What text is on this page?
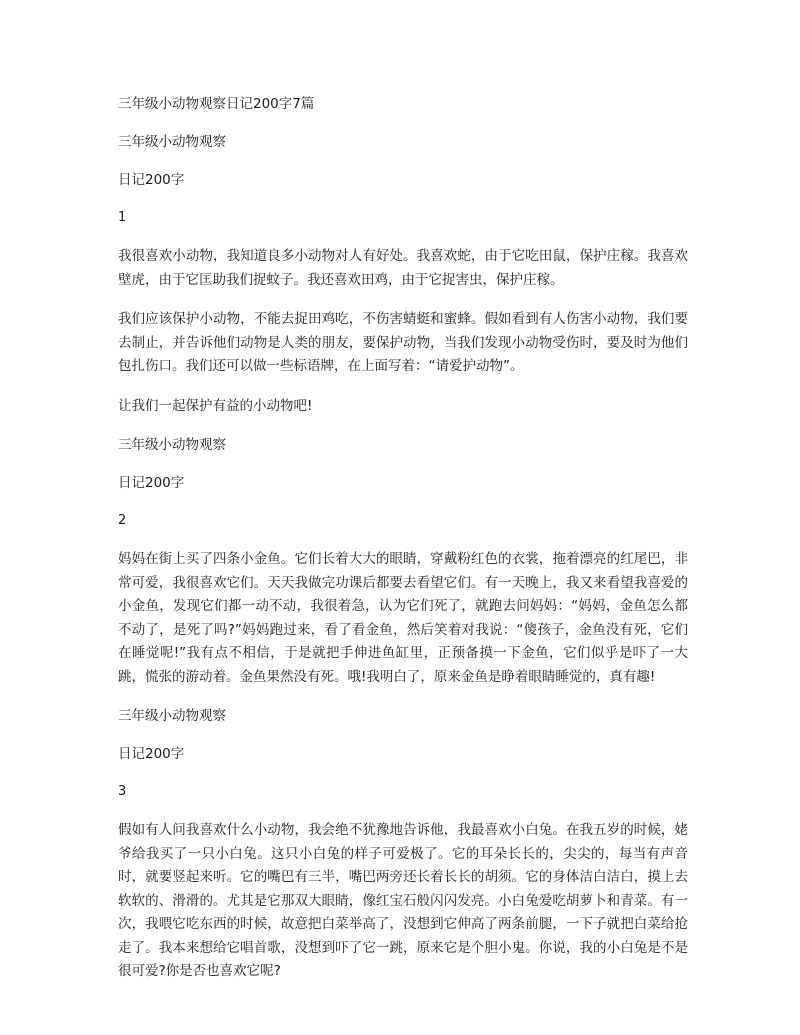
三年级小动物观察日记200字7篇
三年级小动物观察
日记200字
1

我很喜欢小动物，我知道良多小动物对人有好处。我喜欢蛇，由于它吃田鼠，保护庄稼。我喜欢壁虎，由于它匡助我们捉蚊子。我还喜欢田鸡，由于它捉害虫，保护庄稼。

我们应该保护小动物，不能去捉田鸡吃，不伤害蜻蜓和蜜蜂。假如看到有人伤害小动物，我们要去制止，并告诉他们动物是人类的朋友，要保护动物，当我们发现小动物受伤时，要及时为他们包扎伤口。我们还可以做一些标语牌，在上面写着：“请爱护动物”。

让我们一起保护有益的小动物吧!

三年级小动物观察
日记200字
2

妈妈在街上买了四条小金鱼。它们长着大大的眼睛，穿戴粉红色的衣裳，拖着漂亮的红尾巴，非常可爱，我很喜欢它们。天天我做完功课后都要去看望它们。有一天晚上，我又来看望我喜爱的小金鱼，发现它们都一动不动，我很着急，认为它们死了，就跑去问妈妈：“妈妈，金鱼怎么都不动了，是死了吗?”妈妈跑过来，看了看金鱼，然后笑着对我说：“傻孩子，金鱼没有死，它们在睡觉呢!”我有点不相信，于是就把手伸进鱼缸里，正预备摸一下金鱼，它们似乎是吓了一大跳，慌张的游动着。金鱼果然没有死。哦!我明白了，原来金鱼是睁着眼睛睡觉的，真有趣!

三年级小动物观察
日记200字
3

假如有人问我喜欢什么小动物，我会绝不犹豫地告诉他，我最喜欢小白兔。在我五岁的时候，姥爷给我买了一只小白兔。这只小白兔的样子可爱极了。它的耳朵长长的，尖尖的，每当有声音时，就要竖起来听。它的嘴巴有三半，嘴巴两旁还长着长长的胡须。它的身体洁白洁白，摸上去软软的、滑滑的。尤其是它那双大眼睛，像红宝石般闪闪发亮。小白兔爱吃胡萝卜和青菜。有一次，我喂它吃东西的时候，故意把白菜举高了，没想到它伸高了两条前腿，一下子就把白菜给抢走了。我本来想给它唱首歌，没想到吓了它一跳，原来它是个胆小鬼。你说，我的小白兔是不是很可爱?你是否也喜欢它呢?
